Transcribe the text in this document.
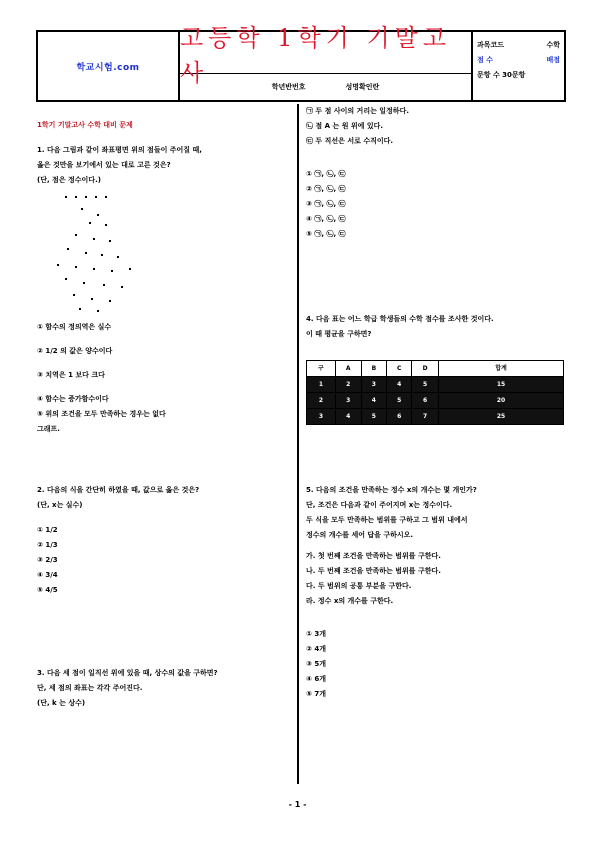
학교시험.com
고등학 1학기 기말고사
학년반번호	성명확인란
과목코드	수학
점 수	배점
문항 수 30문항
1학기 기말고사 수학 대비 문제

1. 다음 그림과 같이 좌표평면 위의 점들이 주어질 때,

옳은 것만을 보기에서 있는 대로 고른 것은?

(단, 점은 정수이다.)

① 함수의 정의역은 실수

② 1/2 의 값은 양수이다

③ 치역은 1 보다 크다

④ 함수는 증가함수이다

⑤ 위의 조건을 모두 만족하는 경우는 없다

그래프.

2. 다음의 식을 간단히 하였을 때, 값으로 옳은 것은?

(단, x는 실수)

① 1/2

② 1/3

③ 2/3

④ 3/4

⑤ 4/5

3. 다음 세 점이 일직선 위에 있을 때, 상수의 값을 구하면?

단, 세 점의 좌표는 각각 주어진다.

(단, k 는 상수)

㉠ 두 점 사이의 거리는 일정하다.

㉡ 점 A 는 원 위에 있다.

㉢ 두 직선은 서로 수직이다.

① ㉠, ㉡, ㉢

② ㉠, ㉡, ㉢

③ ㉠, ㉡, ㉢

④ ㉠, ㉡, ㉢

⑤ ㉠, ㉡, ㉢

4. 다음 표는 어느 학급 학생들의 수학 점수를 조사한 것이다.

이 때 평균을 구하면?

구	A	B	C	D	합계
1	2	3	4	5	15
2	3	4	5	6	20
3	4	5	6	7	25

5. 다음의 조건을 만족하는 정수 x의 개수는 몇 개인가?

단, 조건은 다음과 같이 주어지며 x는 정수이다.

두 식을 모두 만족하는 범위를 구하고 그 범위 내에서

정수의 개수를 세어 답을 구하시오.

가. 첫 번째 조건을 만족하는 범위를 구한다.

나. 두 번째 조건을 만족하는 범위를 구한다.

다. 두 범위의 공통 부분을 구한다.

라. 정수 x의 개수를 구한다.

① 3개

② 4개

③ 5개

④ 6개

⑤ 7개

- 1 -
